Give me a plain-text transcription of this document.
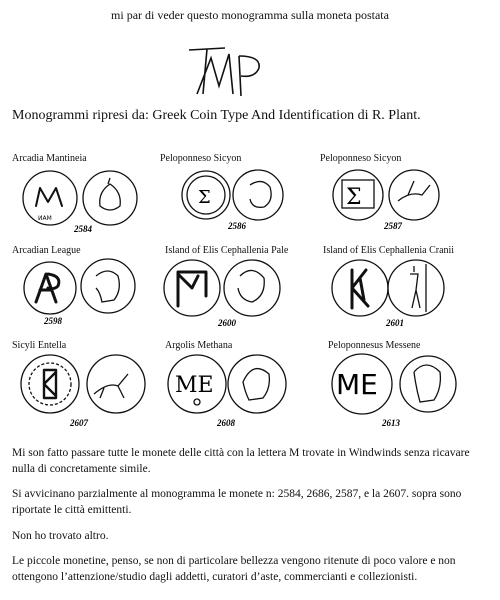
mi par di veder questo monogramma sulla moneta postata
Monogrammi ripresi da: Greek Coin Type And Identification di R. Plant.
Arcadia Mantineia
ИАМ
2584
Peloponneso Sicyon
Σ
2586
Peloponneso Sicyon
Σ
2587
Arcadian League
2598
Island of Elis Cephallenia Pale
2600
Island of Elis Cephallenia Cranii
2601
Sicyli Entella
2607
Argolis Methana
ME
2608
Peloponnesus Messene
ME
2613
Mi son fatto passare tutte le monete delle città con la lettera M trovate in Windwinds senza ricavare nulla di concretamente simile.
Si avvicinano parzialmente al monogramma le monete n: 2584, 2686, 2587, e la 2607. sopra sono riportate le città emittenti.
Non ho trovato altro.
Le piccole monetine, penso, se non di particolare bellezza vengono ritenute di poco valore e non ottengono l’attenzione/studio dagli addetti, curatori d’aste, commercianti e collezionisti.
